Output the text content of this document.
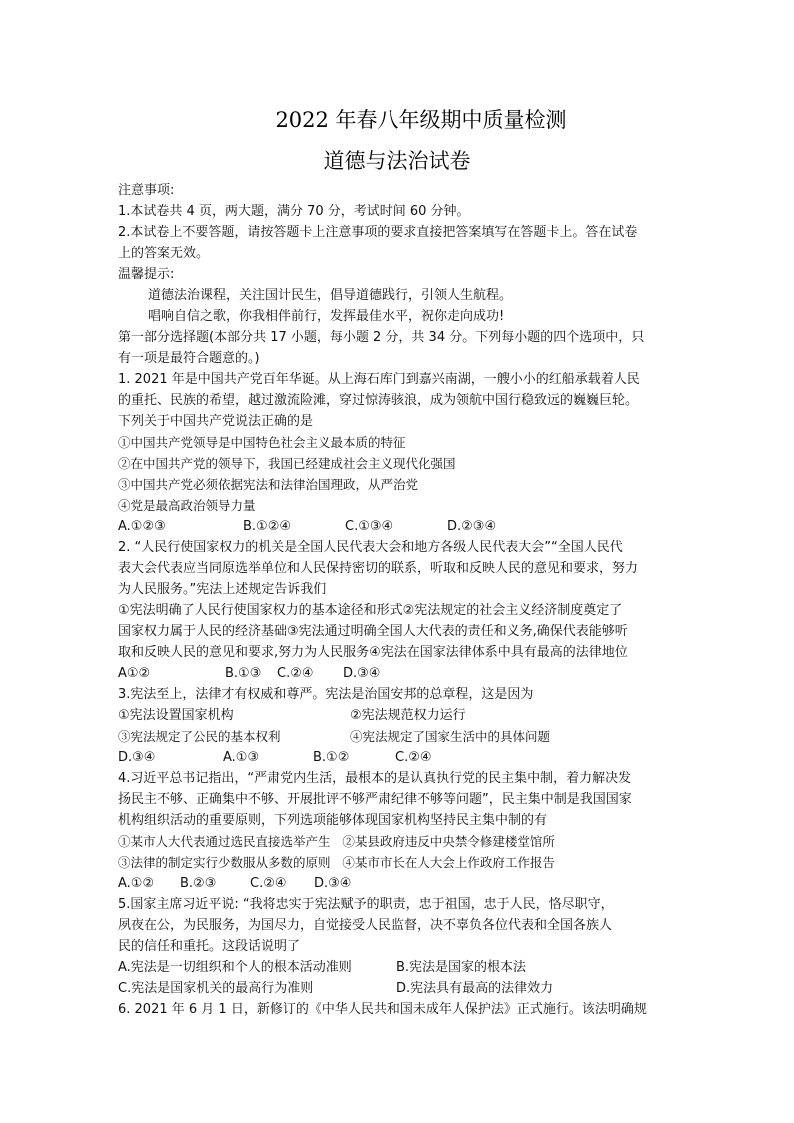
2022 年春八年级期中质量检测
道德与法治试卷
注意事项:
1.本试卷共 4 页，两大题，满分 70 分，考试时间 60 分钟。
2.本试卷上不要答题，请按答题卡上注意事项的要求直接把答案填写在答题卡上。答在试卷
上的答案无效。
温馨提示:
道德法治课程，关注国计民生，倡导道德践行，引领人生航程。
唱响自信之歌，你我相伴前行，发挥最佳水平，祝你走向成功!
第一部分选择题(本部分共 17 小题，每小题 2 分，共 34 分。下列每小题的四个选项中，只
有一项是最符合题意的。)
1. 2021 年是中国共产党百年华诞。从上海石库门到嘉兴南湖，一艘小小的红船承载着人民
的重托、民族的希望，越过激流险滩，穿过惊涛骇浪，成为领航中国行稳致远的巍巍巨轮。
下列关于中国共产党说法正确的是
①中国共产党领导是中国特色社会主义最本质的特征
②在中国共产党的领导下，我国已经建成社会主义现代化强国
③中国共产党必须依据宪法和法律治国理政，从严治党
④党是最高政治领导力量
A.①②③	B.①②④	C.①③④	D.②③④
2. “人民行使国家权力的机关是全国人民代表大会和地方各级人民代表大会”“全国人民代
表大会代表应当同原选举单位和人民保持密切的联系，听取和反映人民的意见和要求，努力
为人民服务。”宪法上述规定告诉我们
①宪法明确了人民行使国家权力的基本途径和形式②宪法规定的社会主义经济制度奠定了
国家权力属于人民的经济基础③宪法通过明确全国人大代表的责任和义务,确保代表能够听
取和反映人民的意见和要求,努力为人民服务④宪法在国家法律体系中具有最高的法律地位
A①②	B.①③ C.②④ D.③④
3.宪法至上，法律才有权威和尊严。宪法是治国安邦的总章程，这是因为
①宪法设置国家机构	②宪法规范权力运行
③宪法规定了公民的基本权利	④宪法规定了国家生活中的具体问题
D.③④	A.①③	B.①②	C.②④
4.习近平总书记指出，“严肃党内生活，最根本的是认真执行党的民主集中制，着力解决发
扬民主不够、正确集中不够、开展批评不够严肃纪律不够等问题”，民主集中制是我国国家
机构组织活动的重要原则，下列选项能够体现国家机构坚持民主集中制的有
①某市人大代表通过选民直接选举产生   ②某县政府违反中央禁令修建楼堂馆所
③法律的制定实行少数服从多数的原则   ④某市市长在人大会上作政府工作报告
A.①② B.②③	C.②④ D.③④
5.国家主席习近平说: “我将忠实于宪法赋予的职责，忠于祖国，忠于人民，恪尽职守，
夙夜在公，为民服务，为国尽力，自觉接受人民监督，决不辜负各位代表和全国各族人
民的信任和重托。这段话说明了
A.宪法是一切组织和个人的根本活动准则	B.宪法是国家的根本法
C.宪法是国家机关的最高行为准则	D.宪法具有最高的法律效力
6. 2021 年 6 月 1 日，新修订的《中华人民共和国未成年人保护法》正式施行。该法明确规
